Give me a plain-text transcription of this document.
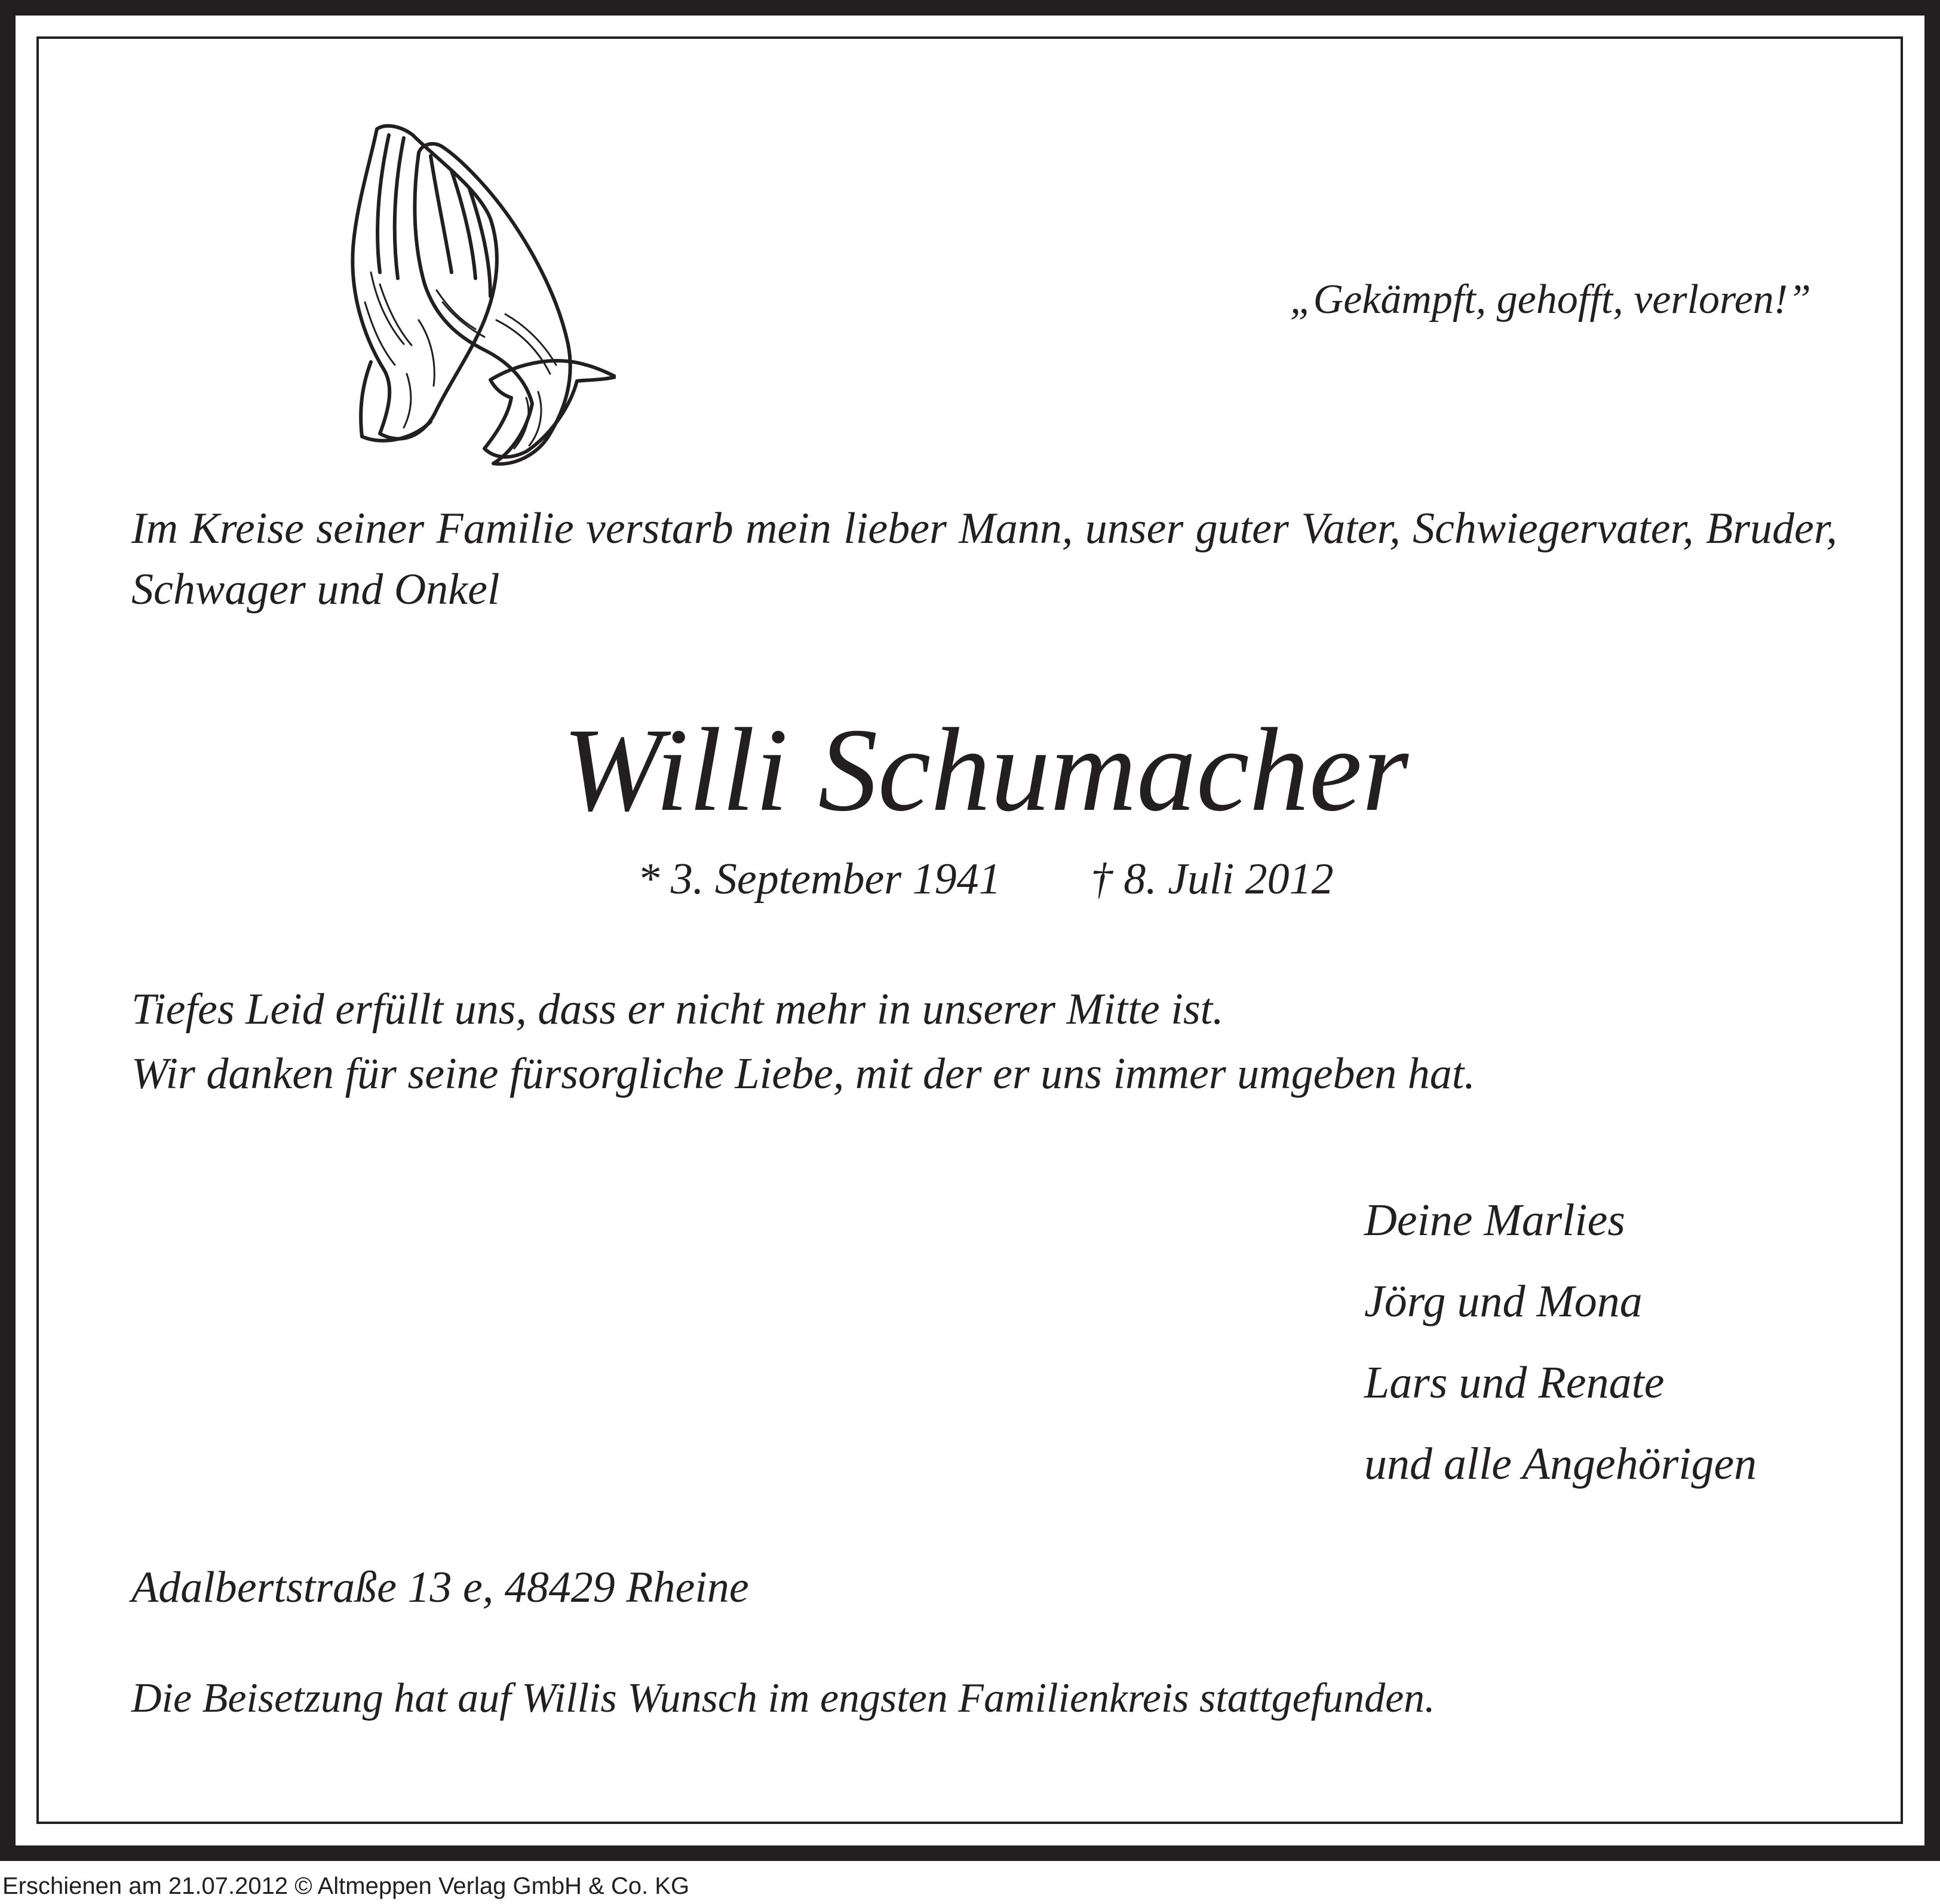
„Gekämpft, gehofft, verloren!”

Im Kreise seiner Familie verstarb mein lieber Mann, unser guter Vater, Schwiegervater, Bruder, Schwager und Onkel

Willi Schumacher
* 3. September 1941 † 8. Juli 2012

Tiefes Leid erfüllt uns, dass er nicht mehr in unserer Mitte ist.

Wir danken für seine fürsorgliche Liebe, mit der er uns immer umgeben hat.

Deine Marlies

Jörg und Mona

Lars und Renate

und alle Angehörigen

Adalbertstraße 13 e, 48429 Rheine

Die Beisetzung hat auf Willis Wunsch im engsten Familienkreis stattgefunden.

Erschienen am 21.07.2012 © Altmeppen Verlag GmbH & Co. KG
